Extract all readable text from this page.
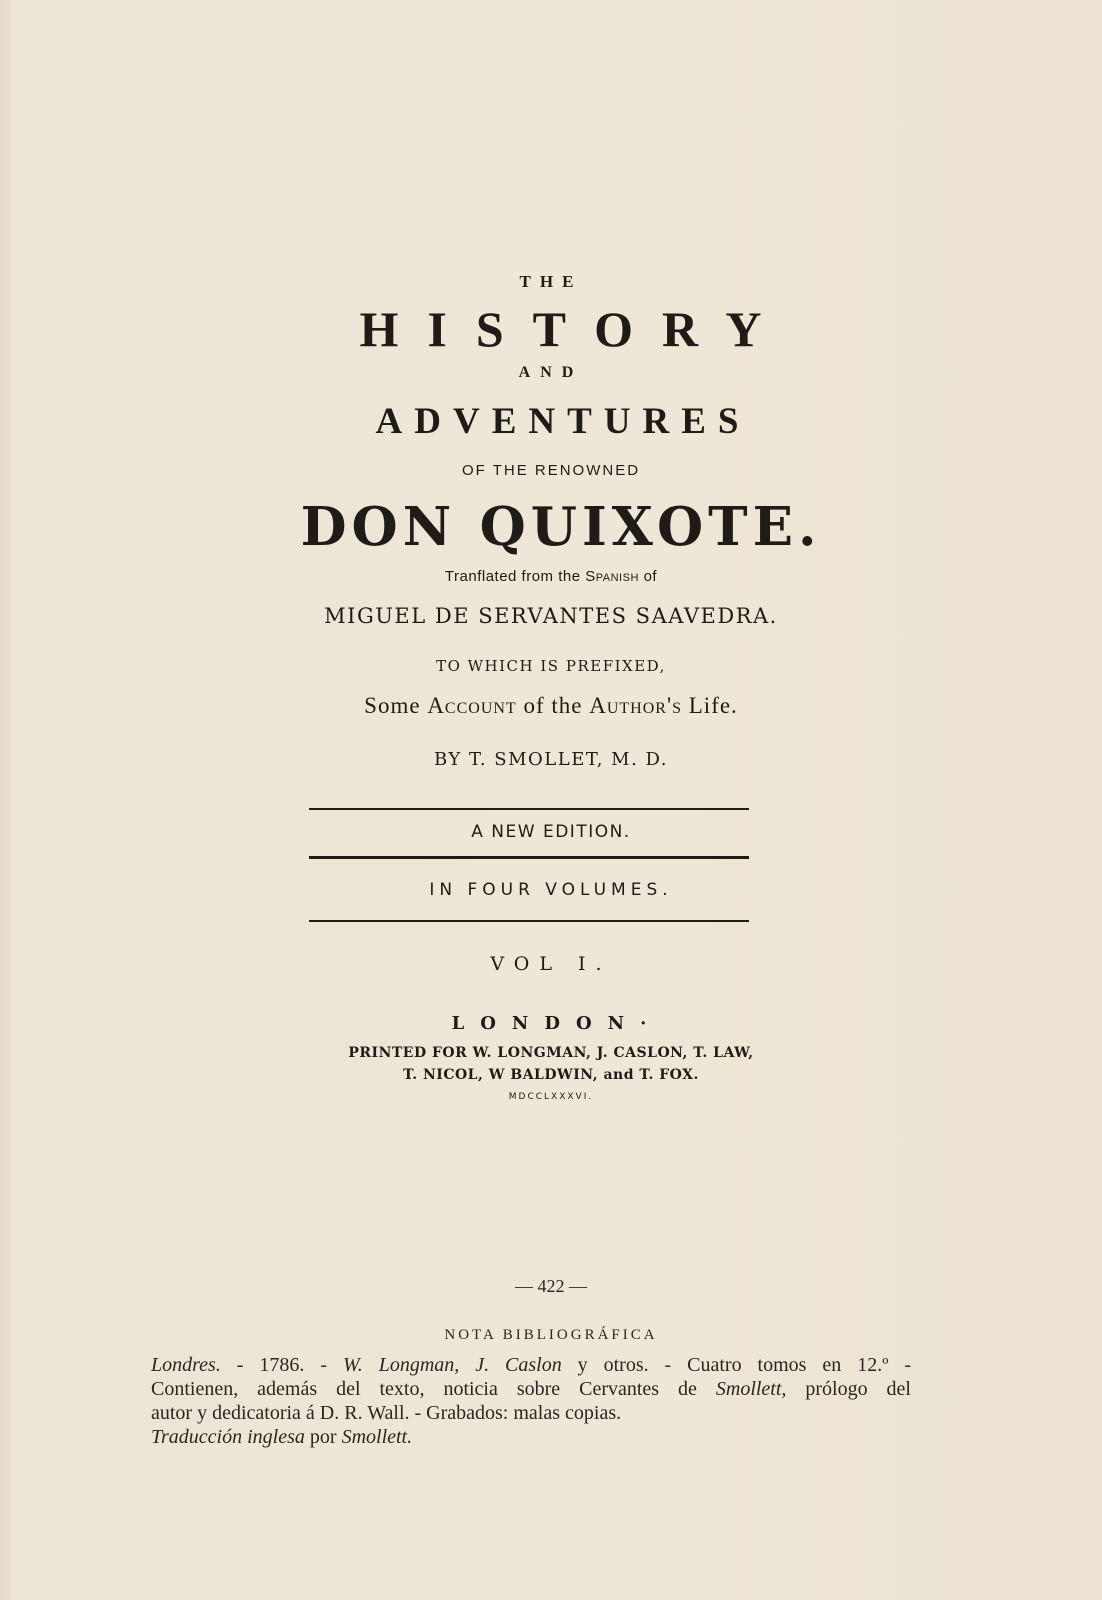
THE
HISTORY
AND
ADVENTURES
OF THE RENOWNED
DON QUIXOTE.
Tranflated from the Spanish of
MIGUEL DE SERVANTES SAAVEDRA.
TO WHICH IS PREFIXED,
Some Account of the Author's Life.
BY T. SMOLLET, M. D.
A NEW EDITION.
IN FOUR VOLUMES.
VOL I.
LONDON·
PRINTED FOR W. LONGMAN, J. CASLON, T. LAW,
T. NICOL, W BALDWIN, and T. FOX.
MDCCLXXXVI.
— 422 —
NOTA BIBLIOGRÁFICA

Londres. - 1786. - W. Longman, J. Caslon y otros. - Cuatro tomos en 12.º -

Contienen, además del texto, noticia sobre Cervantes de Smollett, prólogo del

autor y dedicatoria á D. R. Wall. - Grabados: malas copias.

Traducción inglesa por Smollett.
